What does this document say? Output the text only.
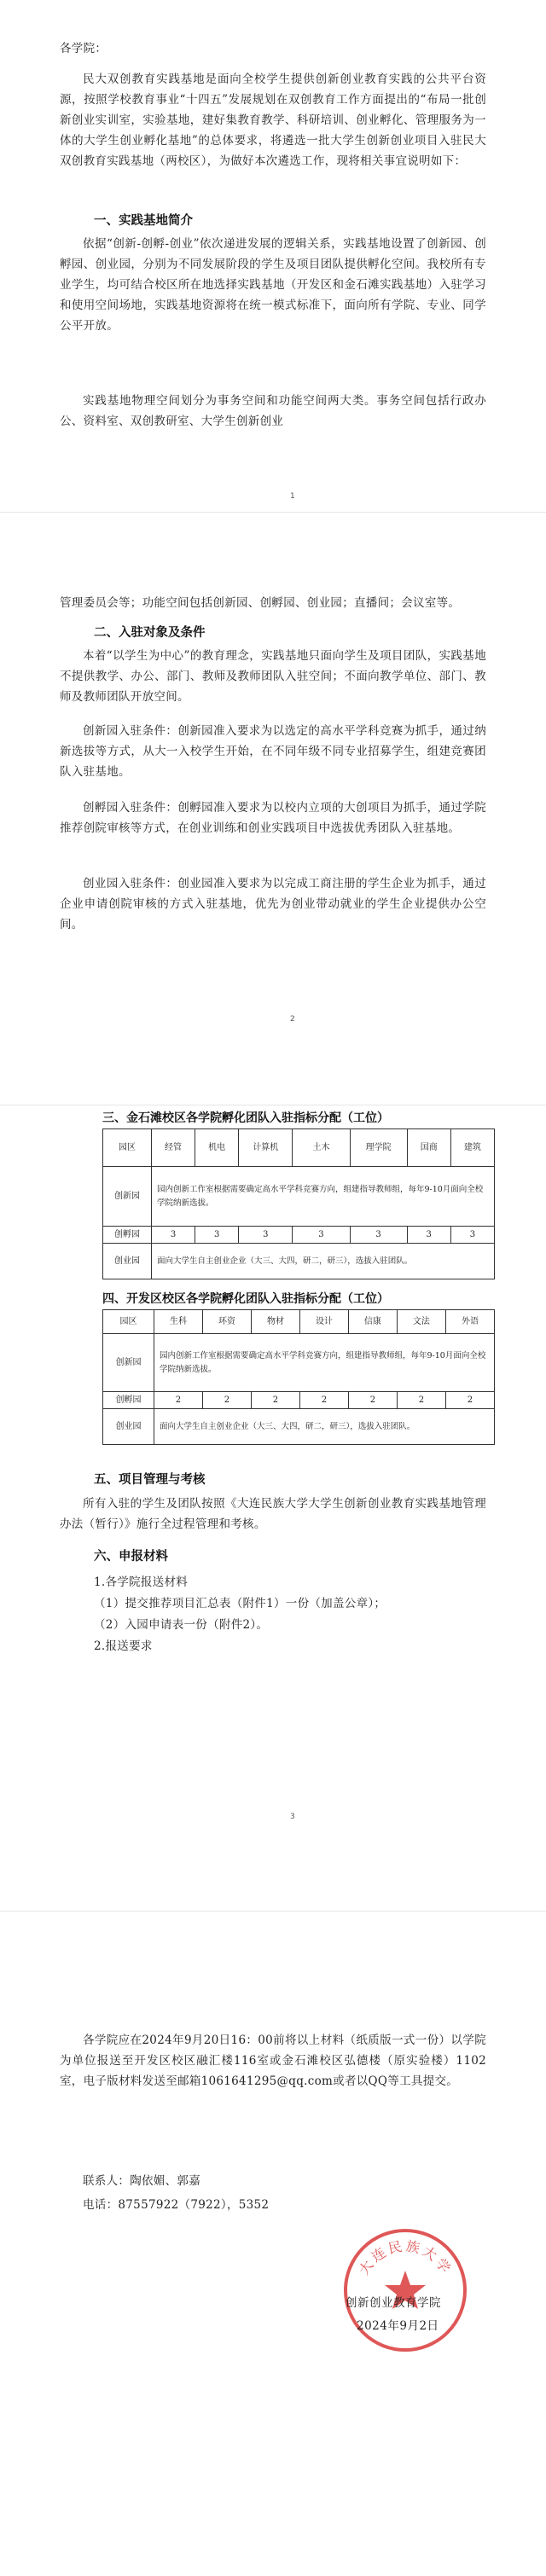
各学院：
民大双创教育实践基地是面向全校学生提供创新创业教育实践的公共平台资源，按照学校教育事业“十四五”发展规划在双创教育工作方面提出的“布局一批创新创业实训室，实验基地，建好集教育教学、科研培训、创业孵化、管理服务为一体的大学生创业孵化基地”的总体要求，将遴选一批大学生创新创业项目入驻民大双创教育实践基地（两校区），为做好本次遴选工作，现将相关事宜说明如下：
一、实践基地简介
依据“创新-创孵-创业”依次递进发展的逻辑关系，实践基地设置了创新园、创孵园、创业园，分别为不同发展阶段的学生及项目团队提供孵化空间。我校所有专业学生，均可结合校区所在地选择实践基地（开发区和金石滩实践基地）入驻学习和使用空间场地，实践基地资源将在统一模式标准下，面向所有学院、专业、同学公平开放。
实践基地物理空间划分为事务空间和功能空间两大类。事务空间包括行政办公、资料室、双创教研室、大学生创新创业
1
管理委员会等；功能空间包括创新园、创孵园、创业园；直播间；会议室等。
二、入驻对象及条件
本着“以学生为中心”的教育理念，实践基地只面向学生及项目团队，实践基地不提供教学、办公、部门、教师及教师团队入驻空间；不面向教学单位、部门、教师及教师团队开放空间。
创新园入驻条件：创新园准入要求为以选定的高水平学科竞赛为抓手，通过纳新选拔等方式，从大一入校学生开始，在不同年级不同专业招募学生，组建竞赛团队入驻基地。
创孵园入驻条件：创孵园准入要求为以校内立项的大创项目为抓手，通过学院推荐创院审核等方式，在创业训练和创业实践项目中选拔优秀团队入驻基地。
创业园入驻条件：创业园准入要求为以完成工商注册的学生企业为抓手，通过企业申请创院审核的方式入驻基地，优先为创业带动就业的学生企业提供办公空间。
2
三、金石滩校区各学院孵化团队入驻指标分配（工位）
园区	经管	机电	计算机	土木	理学院	国商	建筑
创新园	园内创新工作室根据需要确定高水平学科竞赛方向，组建指导教师组，每年9-10月面向全校学院纳新选拔。						
创孵园	3	3	3	3	3	3	3
创业园	面向大学生自主创业企业（大三、大四，研二，研三），选拔入驻团队。						
四、开发区校区各学院孵化团队入驻指标分配（工位）
园区	生科	环资	物材	设计	信康	文法	外语
创新园	园内创新工作室根据需要确定高水平学科竞赛方向，组建指导教师组，每年9-10月面向全校学院纳新选拔。						
创孵园	2	2	2	2	2	2	2
创业园	面向大学生自主创业企业（大三、大四，研二，研三），选拔入驻团队。						
五、项目管理与考核
所有入驻的学生及团队按照《大连民族大学大学生创新创业教育实践基地管理办法（暂行）》施行全过程管理和考核。
六、申报材料
1.各学院报送材料
（1）提交推荐项目汇总表（附件1）一份（加盖公章）；
（2）入园申请表一份（附件2）。
2.报送要求
3
各学院应在2024年9月20日16：00前将以上材料（纸质版一式一份）以学院为单位报送至开发区校区融汇楼116室或金石滩校区弘德楼（原实验楼）1102室，电子版材料发送至邮箱1061641295@qq.com或者以QQ等工具提交。
联系人：陶依媚、郭嘉
电话：87557922（7922），5352
大连民族大学
创新创业教育学院
2024年9月2日
